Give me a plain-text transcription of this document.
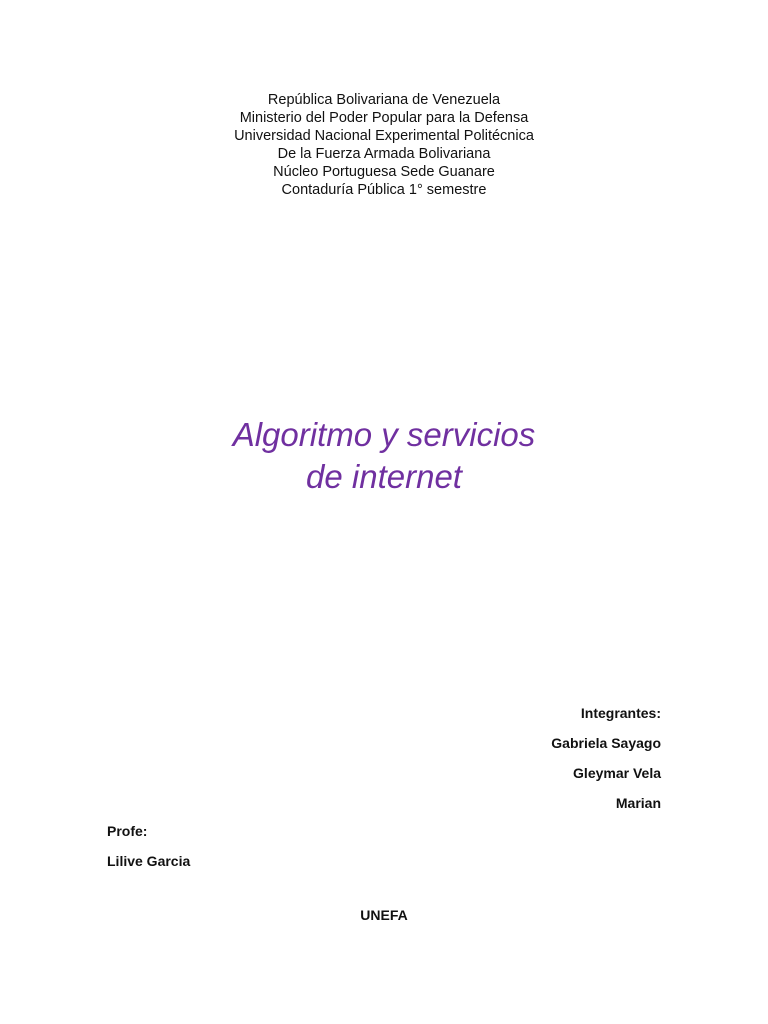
República Bolivariana de Venezuela
Ministerio del Poder Popular para la Defensa
Universidad Nacional Experimental Politécnica
De la Fuerza Armada Bolivariana
Núcleo Portuguesa Sede Guanare
Contaduría Pública 1° semestre
Algoritmo y servicios
de internet
Integrantes:
Gabriela Sayago
Gleymar Vela
Marian
Profe:
Lilive Garcia
UNEFA
